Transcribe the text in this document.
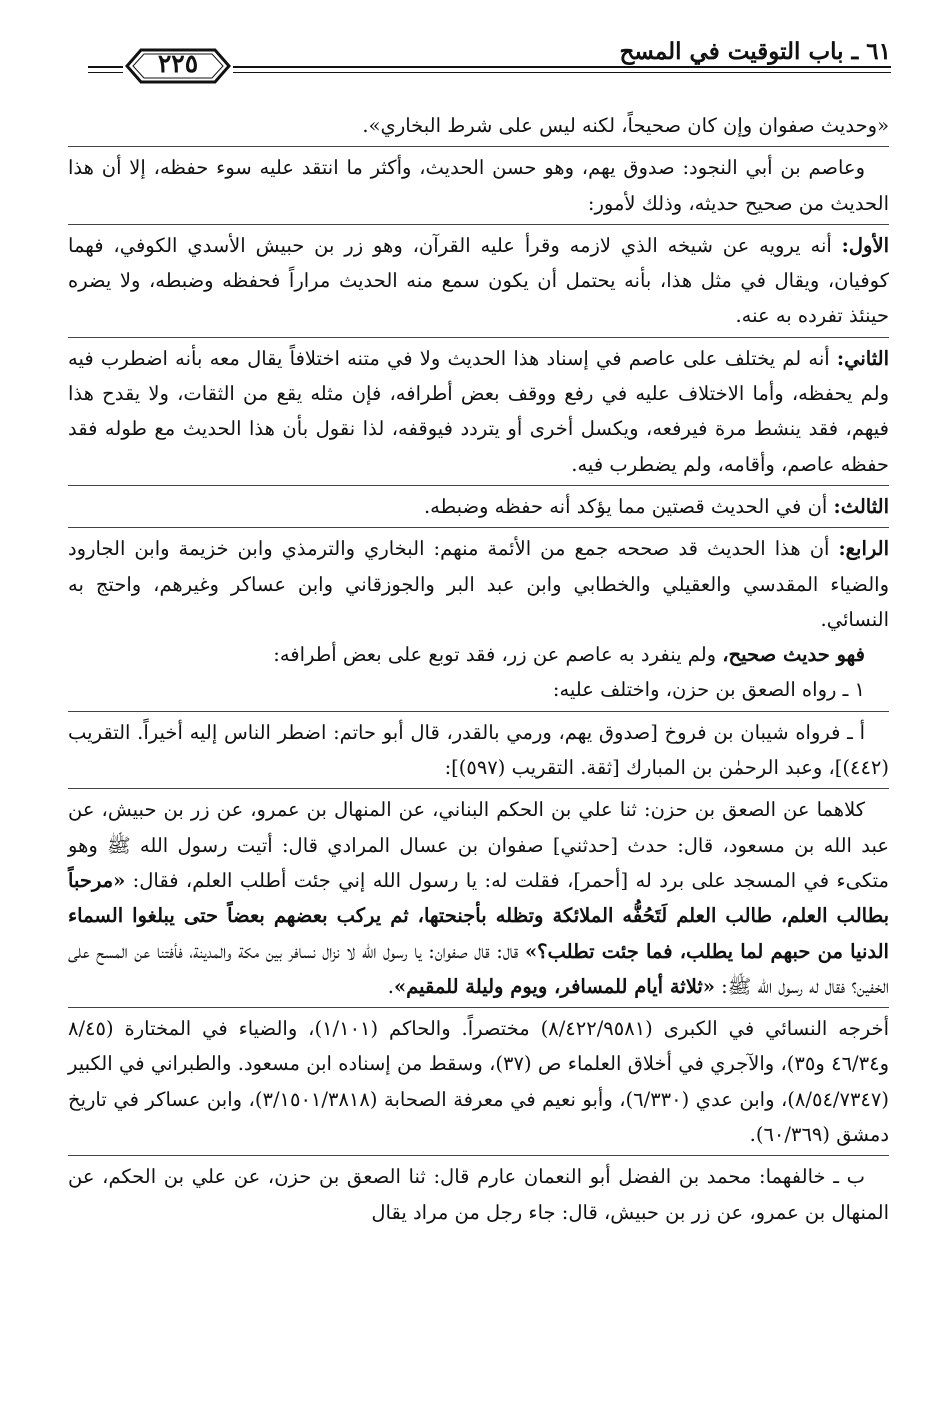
٦١ ـ باب التوقيت في المسح
٢٢٥

«وحديث صفوان وإن كان صحيحاً، لكنه ليس على شرط البخاري».

وعاصم بن أبي النجود: صدوق يهم، وهو حسن الحديث، وأكثر ما انتقد عليه سوء حفظه، إلا أن هذا الحديث من صحيح حديثه، وذلك لأمور:

الأول: أنه يرويه عن شيخه الذي لازمه وقرأ عليه القرآن، وهو زر بن حبيش الأسدي الكوفي، فهما كوفيان، ويقال في مثل هذا، بأنه يحتمل أن يكون سمع منه الحديث مراراً فحفظه وضبطه، ولا يضره حينئذ تفرده به عنه.

الثاني: أنه لم يختلف على عاصم في إسناد هذا الحديث ولا في متنه اختلافاً يقال معه بأنه اضطرب فيه ولم يحفظه، وأما الاختلاف عليه في رفع ووقف بعض أطرافه، فإن مثله يقع من الثقات، ولا يقدح هذا فيهم، فقد ينشط مرة فيرفعه، ويكسل أخرى أو يتردد فيوقفه، لذا نقول بأن هذا الحديث مع طوله فقد حفظه عاصم، وأقامه، ولم يضطرب فيه.

الثالث: أن في الحديث قصتين مما يؤكد أنه حفظه وضبطه.

الرابع: أن هذا الحديث قد صححه جمع من الأئمة منهم: البخاري والترمذي وابن خزيمة وابن الجارود والضياء المقدسي والعقيلي والخطابي وابن عبد البر والجوزقاني وابن عساكر وغيرهم، واحتج به النسائي.

فهو حديث صحيح، ولم ينفرد به عاصم عن زر، فقد توبع على بعض أطرافه:

١ ـ رواه الصعق بن حزن، واختلف عليه:

أ ـ فرواه شيبان بن فروخ [صدوق يهم، ورمي بالقدر، قال أبو حاتم: اضطر الناس إليه أخيراً. التقريب (٤٤٢)]، وعبد الرحمٰن بن المبارك [ثقة. التقريب (٥٩٧)]:

كلاهما عن الصعق بن حزن: ثنا علي بن الحكم البناني، عن المنهال بن عمرو، عن زر بن حبيش، عن عبد الله بن مسعود، قال: حدث [حدثني] صفوان بن عسال المرادي قال: أتيت رسول الله ﷺ وهو متكىء في المسجد على برد له [أحمر]، فقلت له: يا رسول الله إني جئت أطلب العلم، فقال: «مرحباً بطالب العلم، طالب العلم لَتَحُفُّه الملائكة وتظله بأجنحتها، ثم يركب بعضهم بعضاً حتى يبلغوا السماء الدنيا من حبهم لما يطلب، فما جئت تطلب؟» قال: قال صفوان: يا رسول الله لا نزال نسافر بين مكة والمدينة، فأفتنا عن المسح على الخفين؟ فقال له رسول الله ﷺ: «ثلاثة أيام للمسافر، ويوم وليلة للمقيم».

أخرجه النسائي في الكبرى (٨/٤٢٢/٩٥٨١) مختصراً. والحاكم (١/١٠١)، والضياء في المختارة (٨/٤٥ و٤٦/٣٤ و٣٥)، والآجري في أخلاق العلماء ص (٣٧)، وسقط من إسناده ابن مسعود. والطبراني في الكبير (٨/٥٤/٧٣٤٧)، وابن عدي (٦/٣٣٠)، وأبو نعيم في معرفة الصحابة (٣/١٥٠١/٣٨١٨)، وابن عساكر في تاريخ دمشق (٦٠/٣٦٩).

ب ـ خالفهما: محمد بن الفضل أبو النعمان عارم قال: ثنا الصعق بن حزن، عن علي بن الحكم، عن المنهال بن عمرو، عن زر بن حبيش، قال: جاء رجل من مراد يقال
